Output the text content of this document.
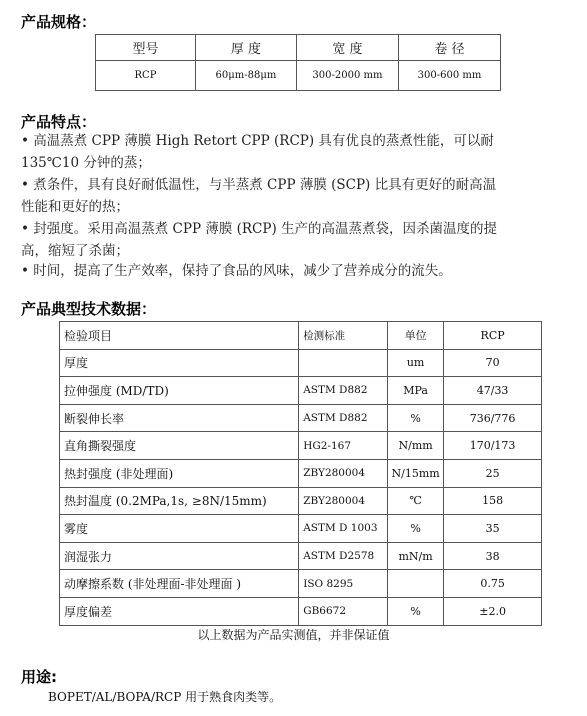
产品规格：
型号	厚 度	宽 度	卷 径
RCP	60μm-88μm	300-2000 mm	300-600 mm
产品特点：
• 高温蒸煮 CPP 薄膜 High Retort CPP (RCP) 具有优良的蒸煮性能，可以耐
135℃10 分钟的蒸；
• 煮条件，具有良好耐低温性，与半蒸煮 CPP 薄膜 (SCP) 比具有更好的耐高温
性能和更好的热；
• 封强度。采用高温蒸煮 CPP 薄膜 (RCP) 生产的高温蒸煮袋，因杀菌温度的提
高，缩短了杀菌；
• 时间，提高了生产效率，保持了食品的风味，减少了营养成分的流失。
产品典型技术数据：
检验项目	检测标准	单位	RCP
厚度		um	70
拉伸强度 (MD/TD)	ASTM D882	MPa	47/33
断裂伸长率	ASTM D882	%	736/776
直角撕裂强度	HG2-167	N/mm	170/173
热封强度 (非处理面)	ZBY280004	N/15mm	25
热封温度 (0.2MPa,1s, ≥8N/15mm)	ZBY280004	℃	158
雾度	ASTM D 1003	%	35
润湿张力	ASTM D2578	mN/m	38
动摩擦系数 (非处理面-非处理面 )	ISO 8295		0.75
厚度偏差	GB6672	%	±2.0
以上数据为产品实测值，并非保证值
用途:
BOPET/AL/BOPA/RCP 用于熟食肉类等。
